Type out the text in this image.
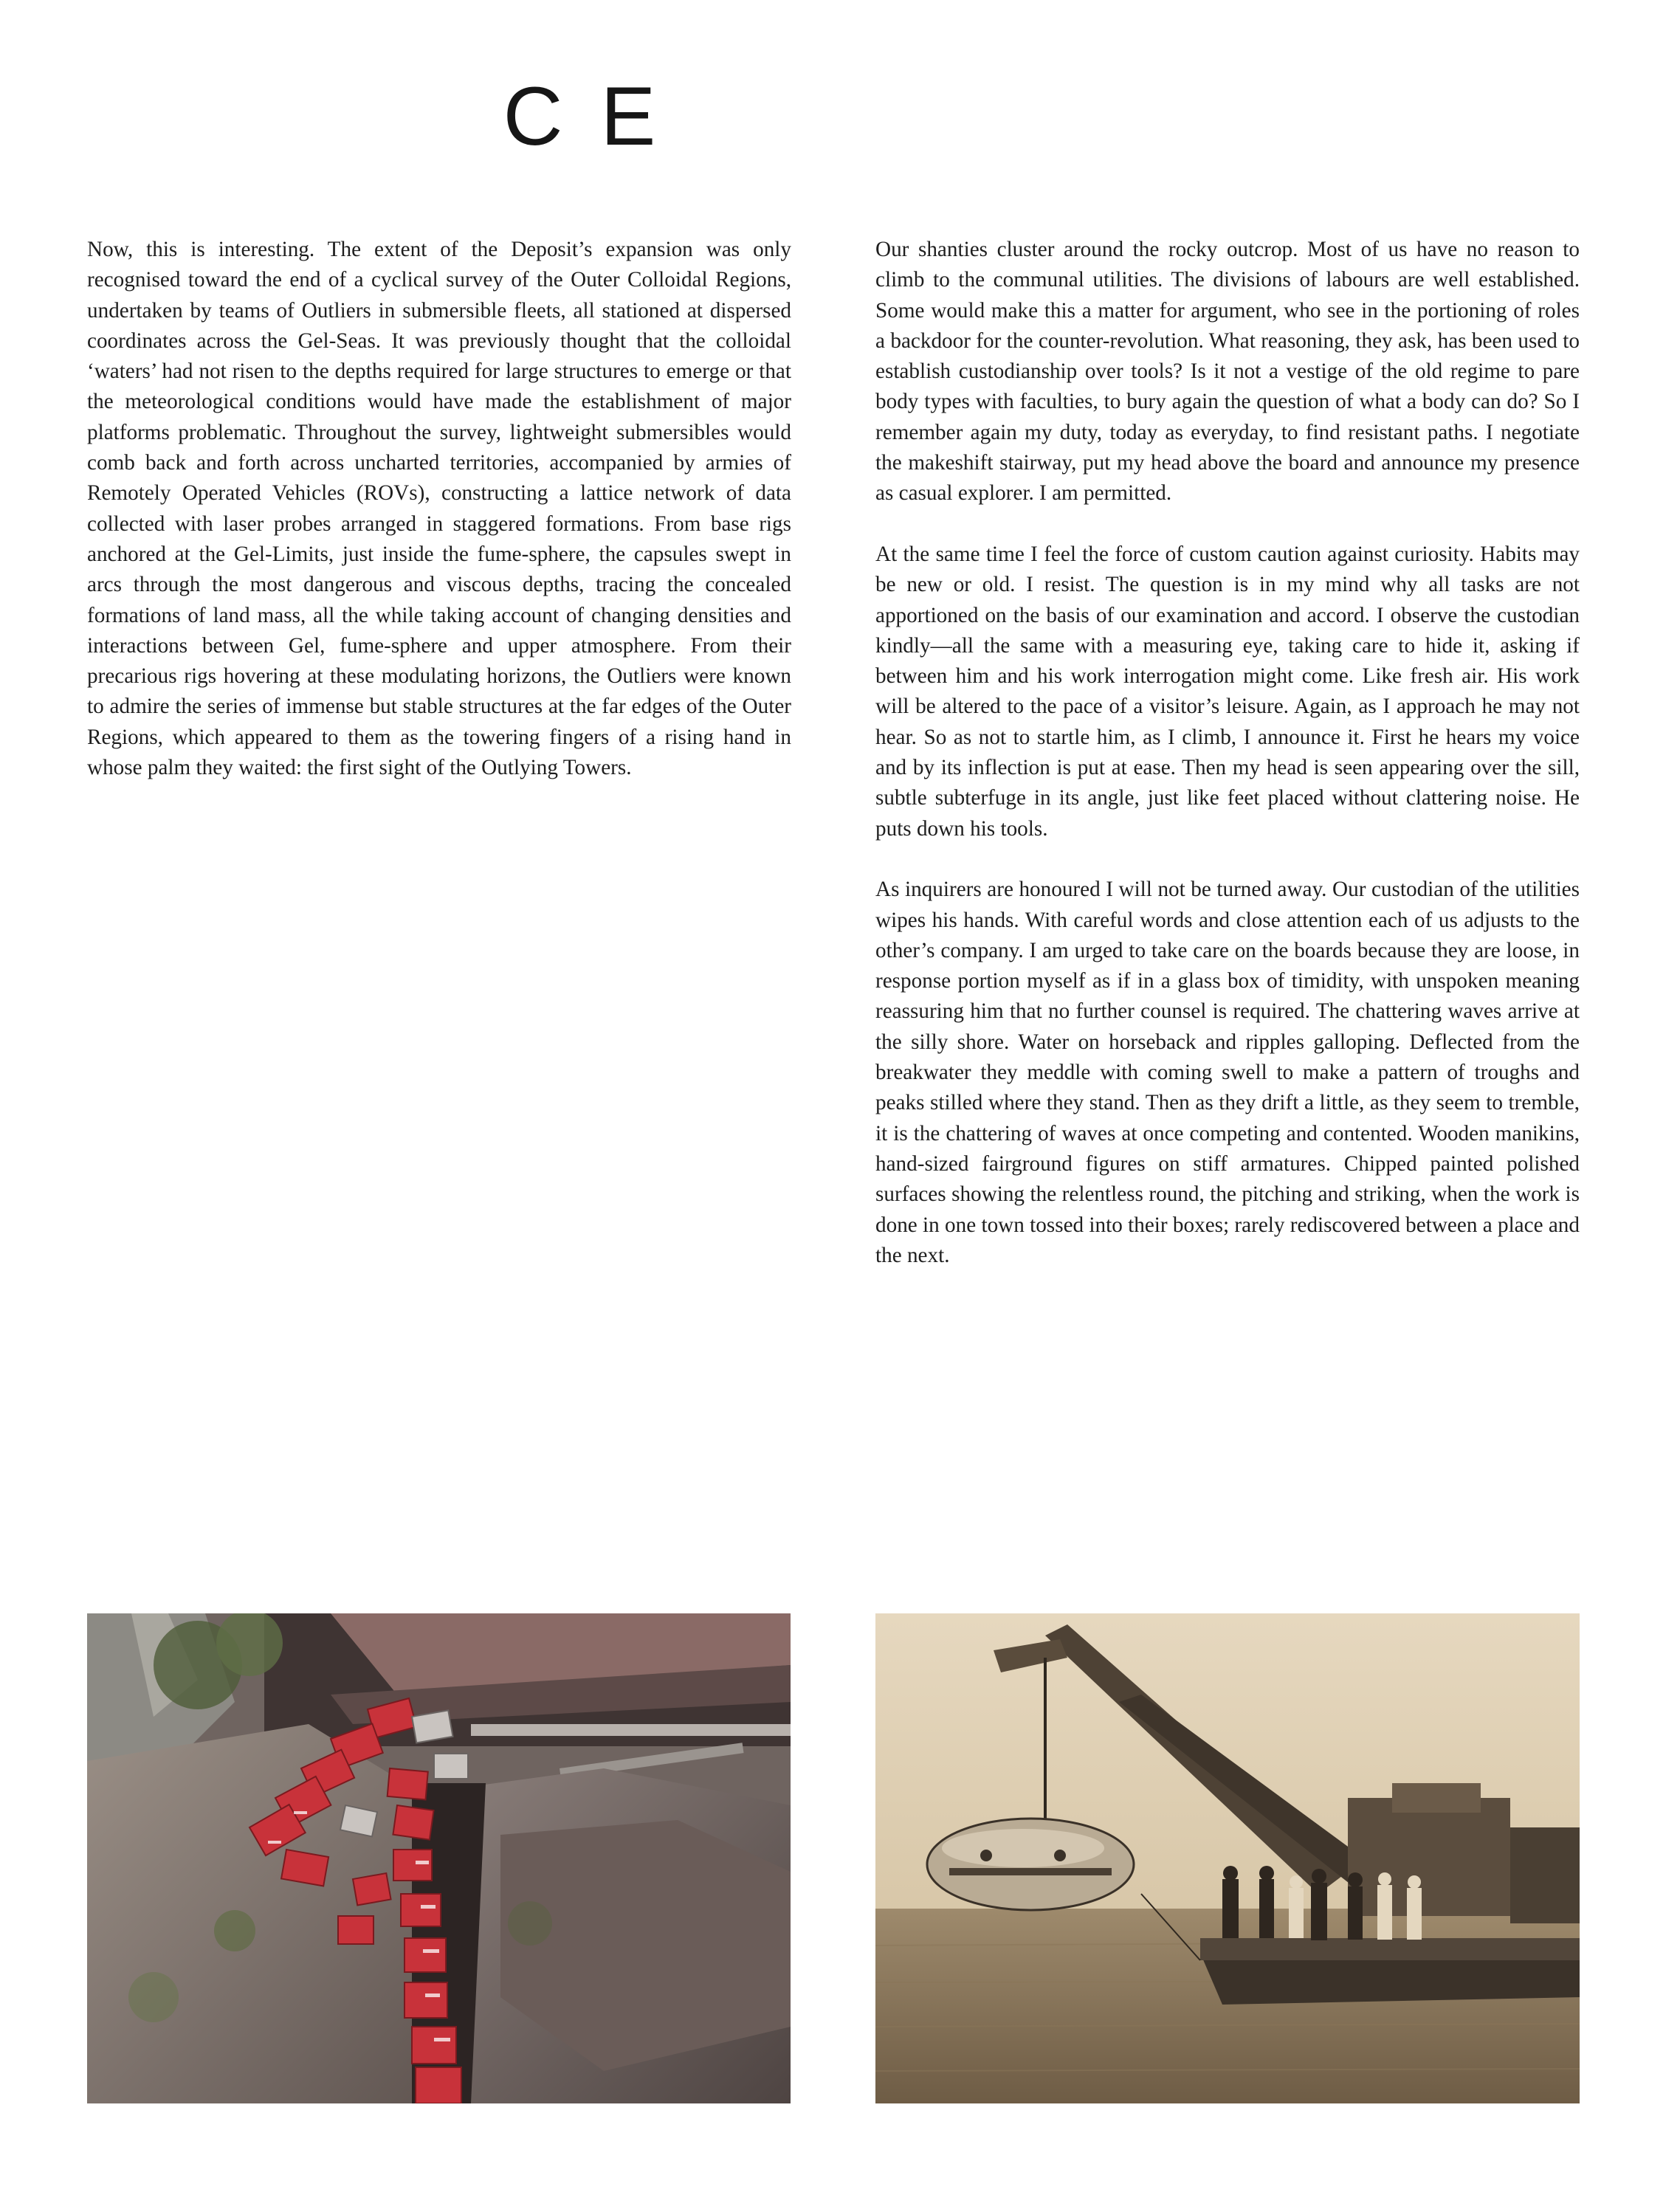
C E

Now, this is interesting. The extent of the Deposit’s expansion was only recognised toward the end of a cyclical survey of the Outer Colloidal Regions, undertaken by teams of Outliers in submersible fleets, all stationed at dispersed coordinates across the Gel-Seas. It was previously thought that the colloidal ‘waters’ had not risen to the depths required for large structures to emerge or that the meteorological conditions would have made the establishment of major platforms problematic. Throughout the survey, lightweight submersibles would comb back and forth across uncharted territories, accompanied by armies of Remotely Operated Vehicles (ROVs), constructing a lattice network of data collected with laser probes arranged in staggered formations. From base rigs anchored at the Gel-Limits, just inside the fume-sphere, the capsules swept in arcs through the most dangerous and viscous depths, tracing the concealed formations of land mass, all the while taking account of changing densities and interactions between Gel, fume-sphere and upper atmosphere. From their precarious rigs hovering at these modulating horizons, the Outliers were known to admire the series of immense but stable structures at the far edges of the Outer Regions, which appeared to them as the towering fingers of a rising hand in whose palm they waited: the first sight of the Outlying Towers.

Our shanties cluster around the rocky outcrop. Most of us have no reason to climb to the communal utilities. The divisions of labours are well established. Some would make this a matter for argument, who see in the portioning of roles a backdoor for the counter-revolution. What reasoning, they ask, has been used to establish custodianship over tools? Is it not a vestige of the old regime to pare body types with faculties, to bury again the question of what a body can do? So I remember again my duty, today as everyday, to find resistant paths. I negotiate the makeshift stairway, put my head above the board and announce my presence as casual explorer. I am permitted.

At the same time I feel the force of custom caution against curiosity. Habits may be new or old. I resist. The question is in my mind why all tasks are not apportioned on the basis of our examination and accord. I observe the custodian kindly—all the same with a measuring eye, taking care to hide it, asking if between him and his work interrogation might come. Like fresh air. His work will be altered to the pace of a visitor’s leisure. Again, as I approach he may not hear. So as not to startle him, as I climb, I announce it. First he hears my voice and by its inflection is put at ease. Then my head is seen appearing over the sill, subtle subterfuge in its angle, just like feet placed without clattering noise. He puts down his tools.

As inquirers are honoured I will not be turned away. Our custodian of the utilities wipes his hands. With careful words and close attention each of us adjusts to the other’s company. I am urged to take care on the boards because they are loose, in response portion myself as if in a glass box of timidity, with unspoken meaning reassuring him that no further counsel is required. The chattering waves arrive at the silly shore. Water on horseback and ripples galloping. Deflected from the breakwater they meddle with coming swell to make a pattern of troughs and peaks stilled where they stand. Then as they drift a little, as they seem to tremble, it is the chattering of waves at once competing and contented. Wooden manikins, hand-sized fairground figures on stiff armatures. Chipped painted polished surfaces showing the relentless round, the pitching and striking, when the work is done in one town tossed into their boxes; rarely rediscovered between a place and the next.
